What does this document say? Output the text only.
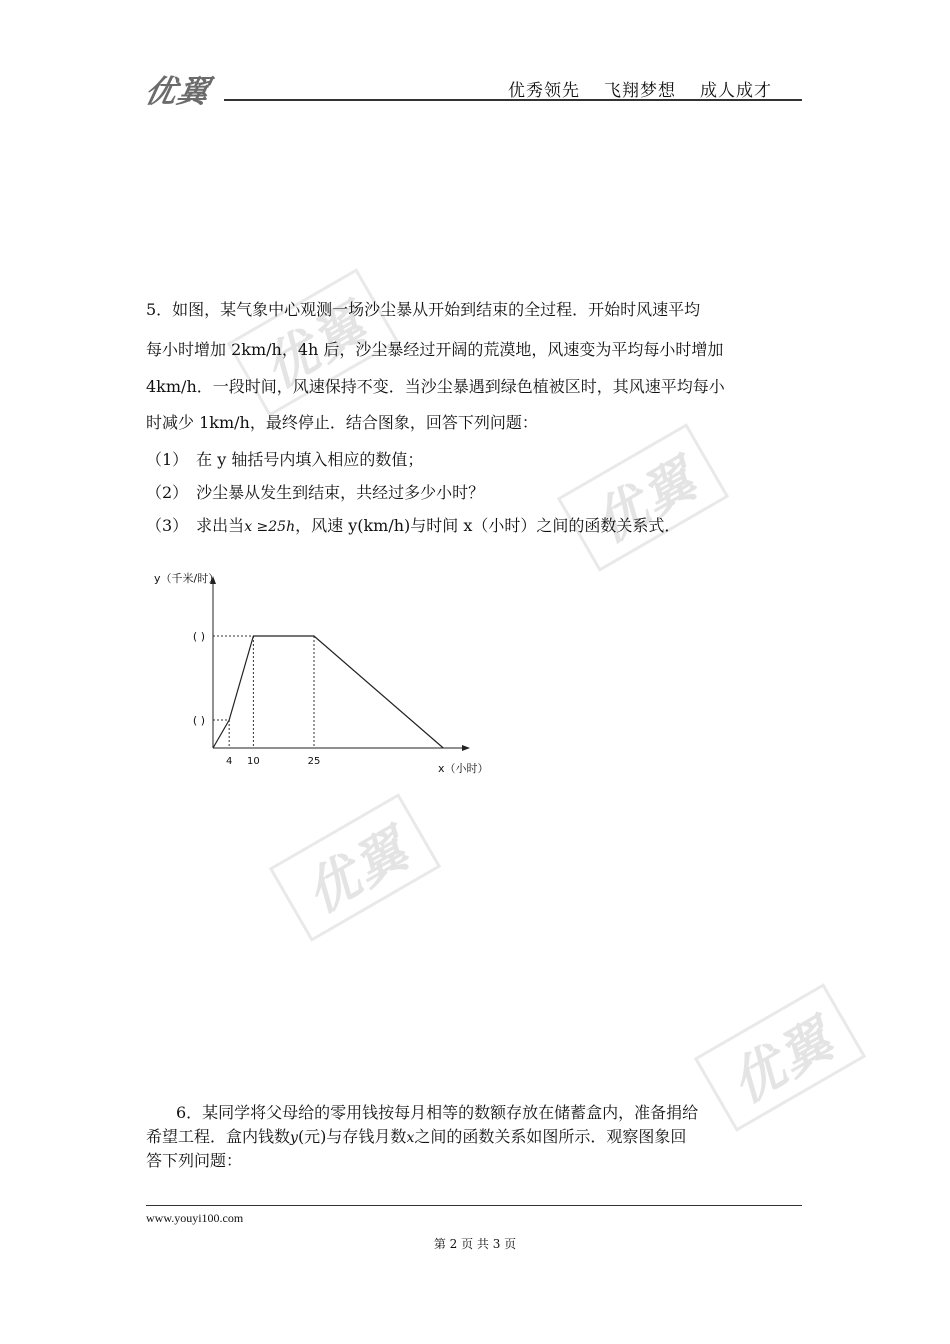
优翼	优秀领先 飞翔梦想 成人成才
优翼
优翼
优翼
优翼
5．如图，某气象中心观测一场沙尘暴从开始到结束的全过程．开始时风速平均
每小时增加 2km/h，4h 后，沙尘暴经过开阔的荒漠地，风速变为平均每小时增加
4km/h．一段时间，风速保持不变．当沙尘暴遇到绿色植被区时，其风速平均每小
时减少 1km/h，最终停止．结合图象，回答下列问题：
（1）　在 y 轴括号内填入相应的数值；
（2）　沙尘暴从发生到结束，共经过多少小时？
（3）　求出当x ≥25h，风速 y(km/h)与时间 x（小时）之间的函数关系式．
y（千米/时）
x（小时）
4 10	25
( )
( )
6．某同学将父母给的零用钱按每月相等的数额存放在储蓄盒内，准备捐给
希望工程．盒内钱数y(元)与存钱月数x之间的函数关系如图所示．观察图象回
答下列问题：
www.youyi100.com
第 2 页 共 3 页
